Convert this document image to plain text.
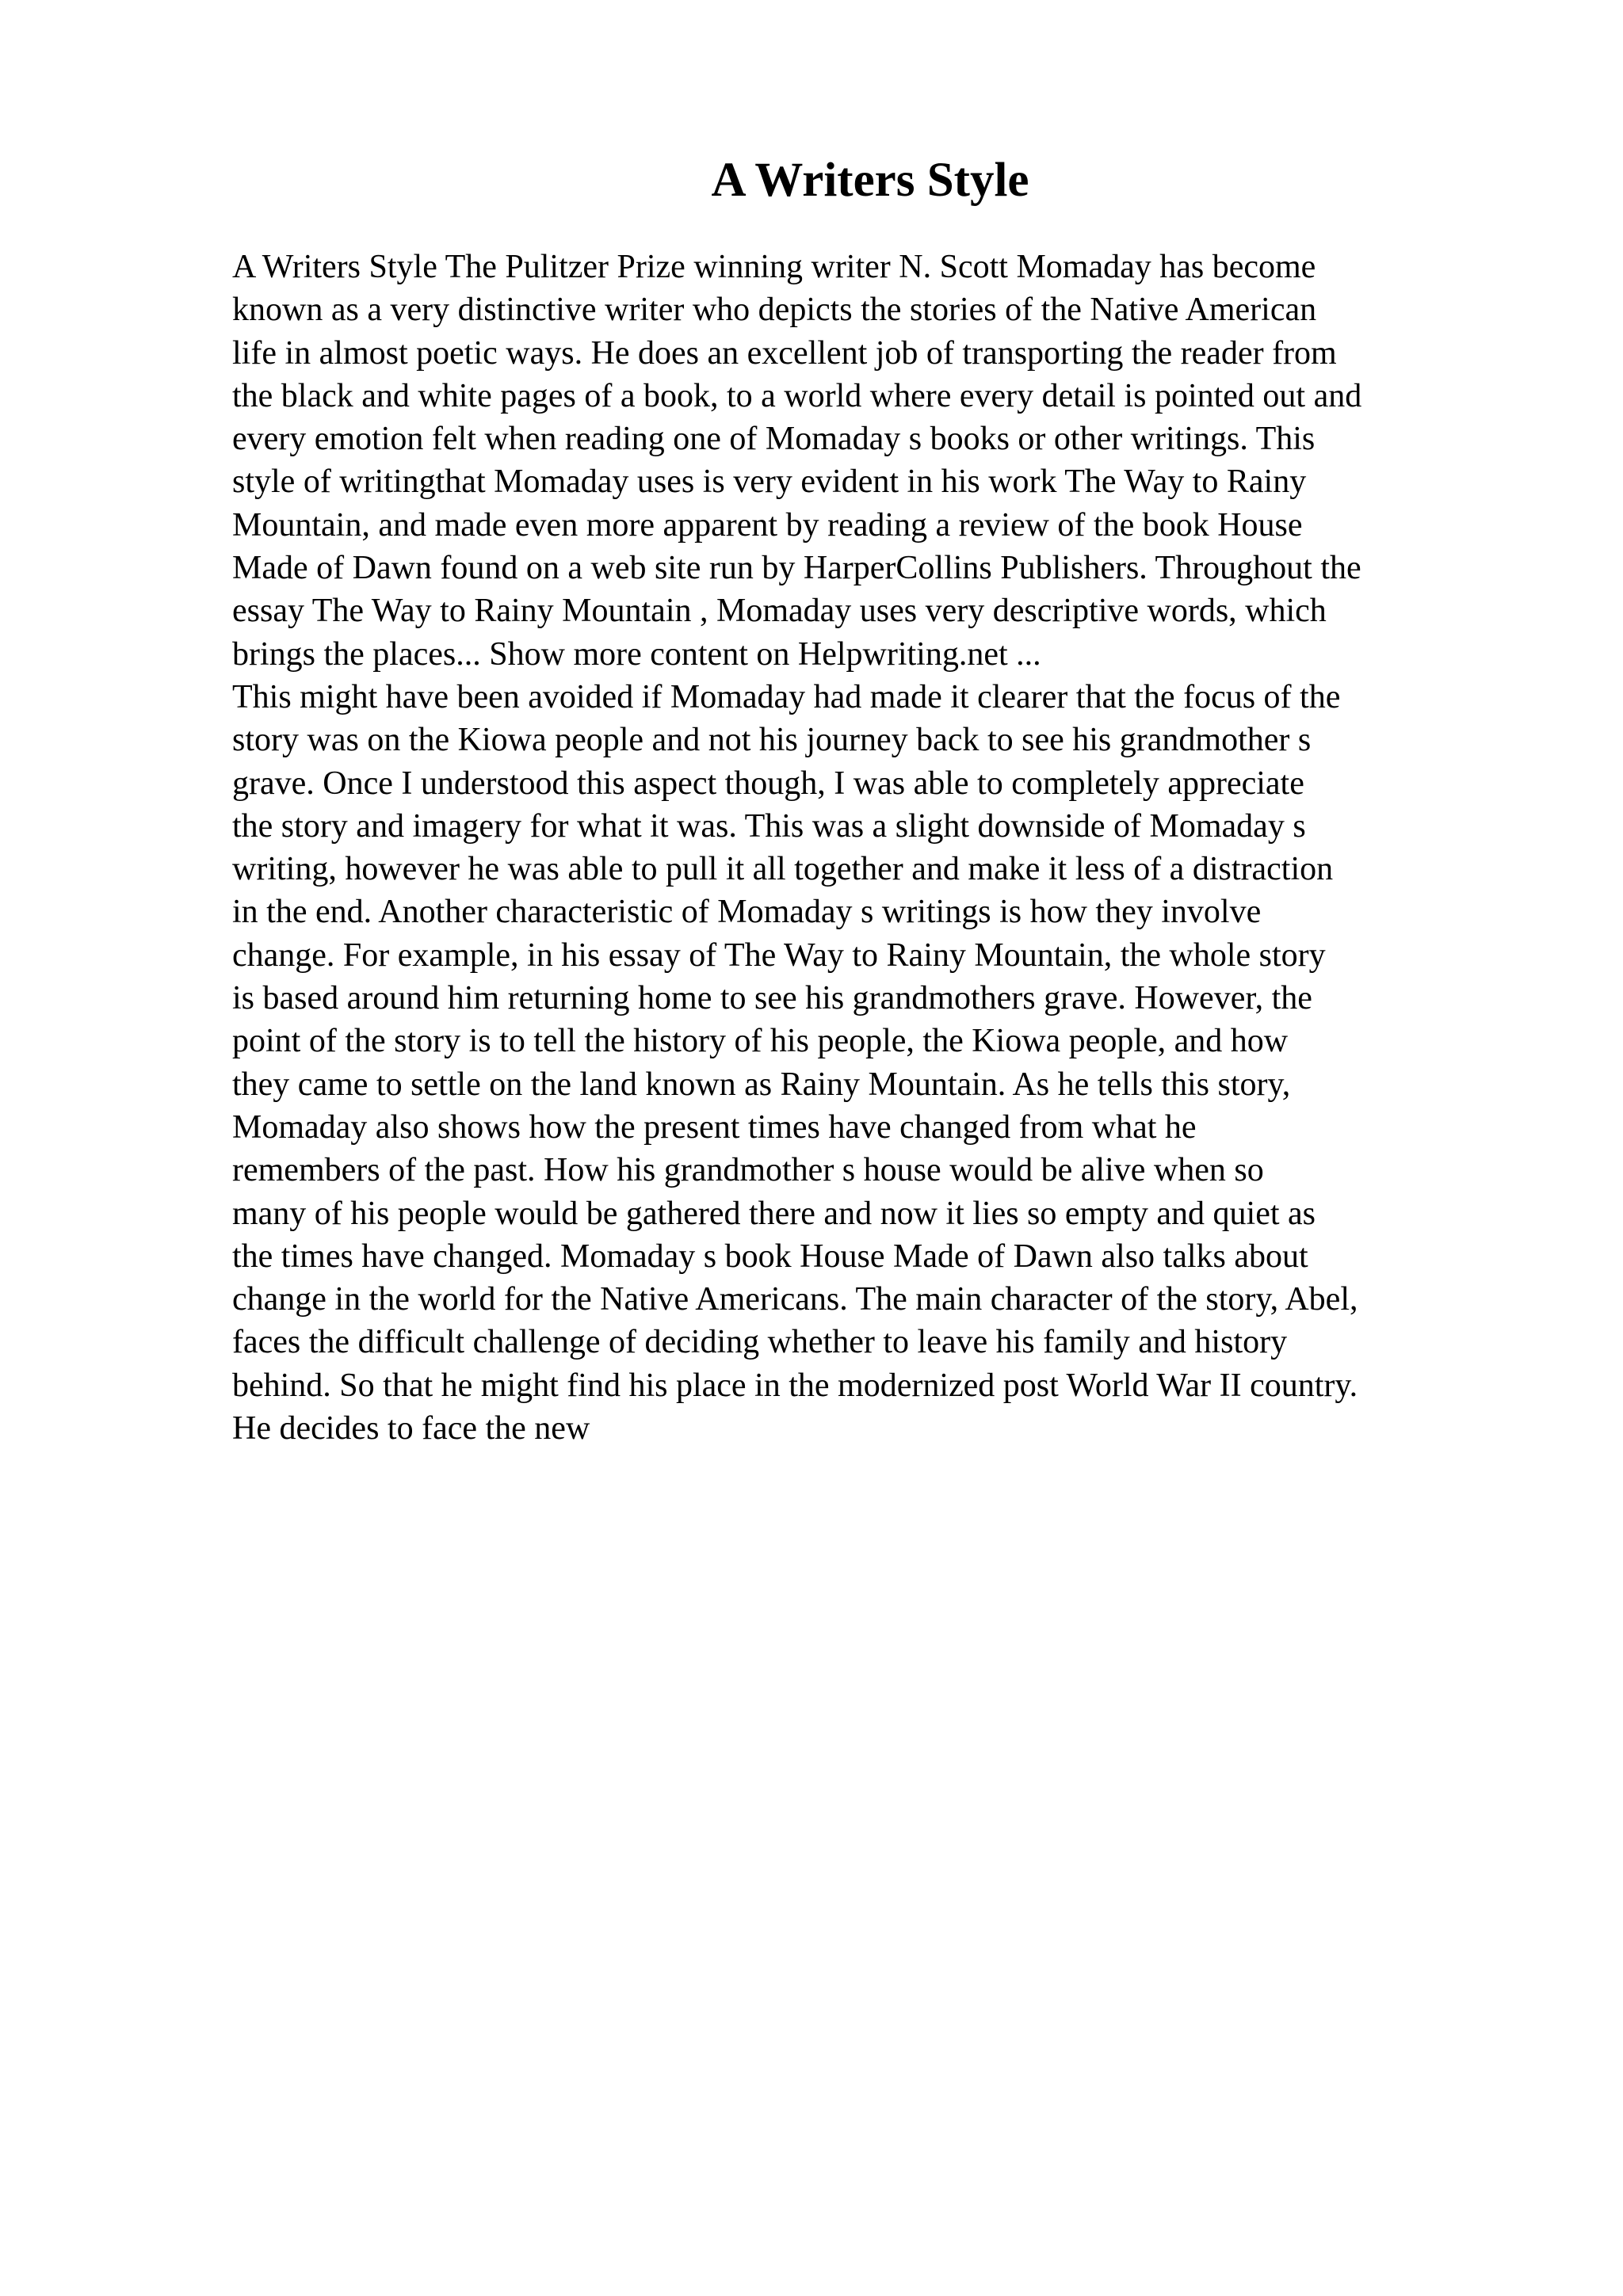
A Writers Style
A Writers Style The Pulitzer Prize winning writer N. Scott Momaday has become
known as a very distinctive writer who depicts the stories of the Native American
life in almost poetic ways. He does an excellent job of transporting the reader from
the black and white pages of a book, to a world where every detail is pointed out and
every emotion felt when reading one of Momaday s books or other writings. This
style of writingthat Momaday uses is very evident in his work The Way to Rainy
Mountain, and made even more apparent by reading a review of the book House
Made of Dawn found on a web site run by HarperCollins Publishers. Throughout the
essay The Way to Rainy Mountain , Momaday uses very descriptive words, which
brings the places... Show more content on Helpwriting.net ...
This might have been avoided if Momaday had made it clearer that the focus of the
story was on the Kiowa people and not his journey back to see his grandmother s
grave. Once I understood this aspect though, I was able to completely appreciate
the story and imagery for what it was. This was a slight downside of Momaday s
writing, however he was able to pull it all together and make it less of a distraction
in the end. Another characteristic of Momaday s writings is how they involve
change. For example, in his essay of The Way to Rainy Mountain, the whole story
is based around him returning home to see his grandmothers grave. However, the
point of the story is to tell the history of his people, the Kiowa people, and how
they came to settle on the land known as Rainy Mountain. As he tells this story,
Momaday also shows how the present times have changed from what he
remembers of the past. How his grandmother s house would be alive when so
many of his people would be gathered there and now it lies so empty and quiet as
the times have changed. Momaday s book House Made of Dawn also talks about
change in the world for the Native Americans. The main character of the story, Abel,
faces the difficult challenge of deciding whether to leave his family and history
behind. So that he might find his place in the modernized post World War II country.
He decides to face the new
